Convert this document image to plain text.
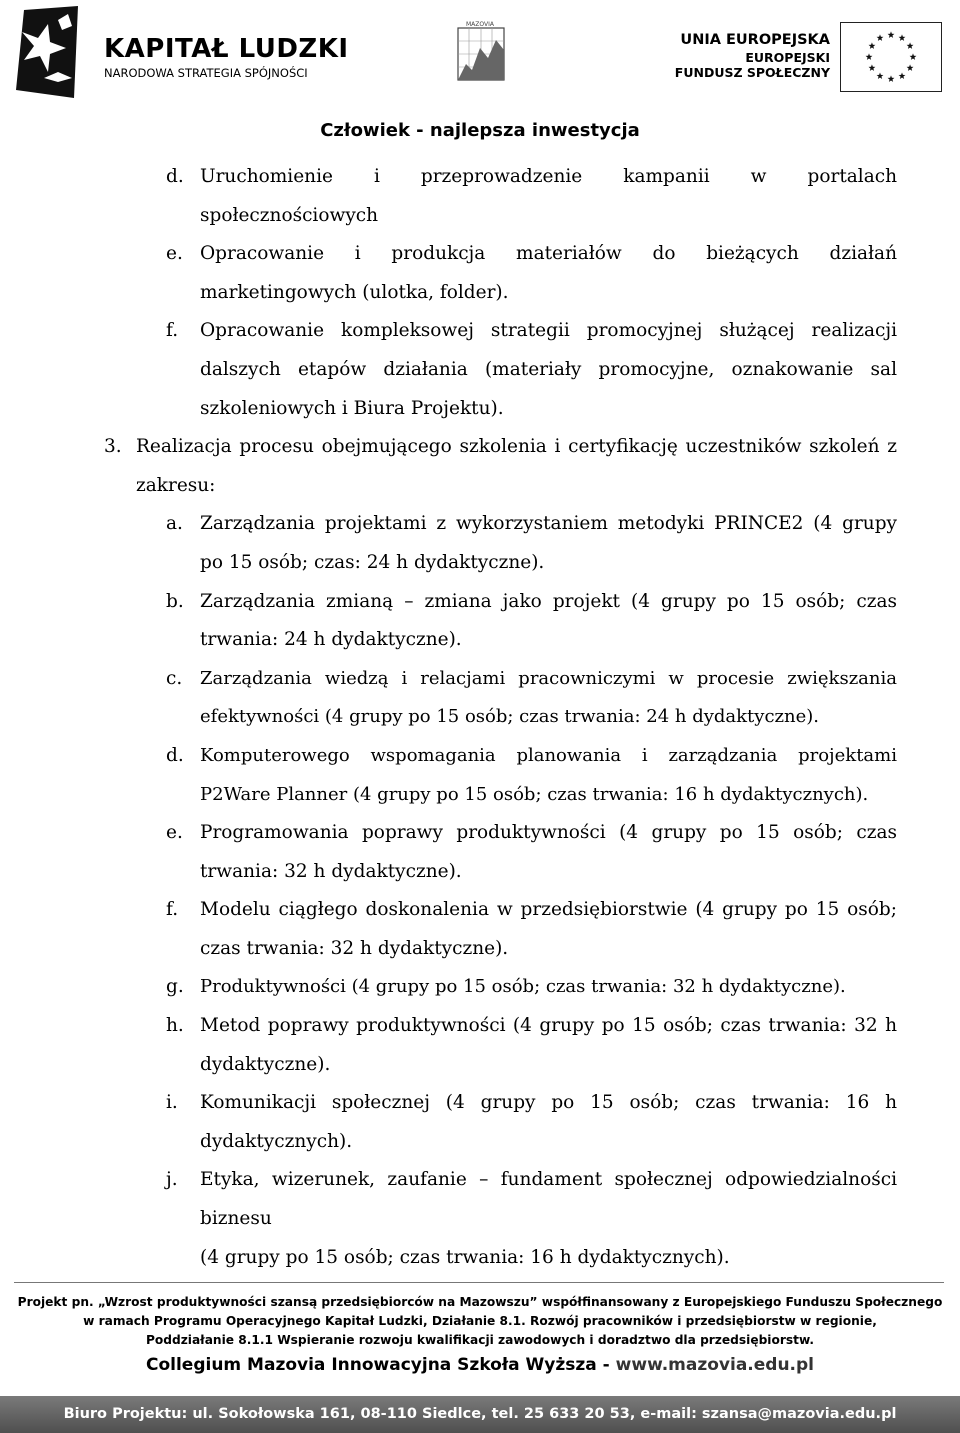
KAPITAŁ LUDZKI
NARODOWA STRATEGIA SPÓJNOŚCI
MAZOVIA
UNIA EUROPEJSKA
EUROPEJSKI
FUNDUSZ SPOŁECZNY
Człowiek - najlepsza inwestycja
d. Uruchomienie i przeprowadzenie kampanii w portalach społecznościowych
e. Opracowanie i produkcja materiałów do bieżących działań marketingowych (ulotka, folder).
f. Opracowanie kompleksowej strategii promocyjnej służącej realizacji dalszych etapów działania (materiały promocyjne, oznakowanie sal szkoleniowych i Biura Projektu).
3. Realizacja procesu obejmującego szkolenia i certyfikację uczestników szkoleń z zakresu:
a. Zarządzania projektami z wykorzystaniem metodyki PRINCE2 (4 grupy po 15 osób; czas: 24 h dydaktyczne).
b. Zarządzania zmianą – zmiana jako projekt (4 grupy po 15 osób; czas trwania: 24 h dydaktyczne).
c. Zarządzania wiedzą i relacjami pracowniczymi w procesie zwiększania efektywności (4 grupy po 15 osób; czas trwania: 24 h dydaktyczne).
d. Komputerowego wspomagania planowania i zarządzania projektami P2Ware Planner (4 grupy po 15 osób; czas trwania: 16 h dydaktycznych).
e. Programowania poprawy produktywności (4 grupy po 15 osób; czas trwania: 32 h dydaktyczne).
f. Modelu ciągłego doskonalenia w przedsiębiorstwie (4 grupy po 15 osób; czas trwania: 32 h dydaktyczne).
g. Produktywności (4 grupy po 15 osób; czas trwania: 32 h dydaktyczne).
h. Metod poprawy produktywności (4 grupy po 15 osób; czas trwania: 32 h dydaktyczne).
i. Komunikacji społecznej (4 grupy po 15 osób; czas trwania: 16 h dydaktycznych).
j. Etyka, wizerunek, zaufanie – fundament społecznej odpowiedzialności biznesu
(4 grupy po 15 osób; czas trwania: 16 h dydaktycznych).
Projekt pn. „Wzrost produktywności szansą przedsiębiorców na Mazowszu” współfinansowany z Europejskiego Funduszu Społecznego
w ramach Programu Operacyjnego Kapitał Ludzki, Działanie 8.1. Rozwój pracowników i przedsiębiorstw w regionie,
Poddziałanie 8.1.1 Wspieranie rozwoju kwalifikacji zawodowych i doradztwo dla przedsiębiorstw.
Collegium Mazovia Innowacyjna Szkoła Wyższa - www.mazovia.edu.pl
Biuro Projektu: ul. Sokołowska 161, 08-110 Siedlce, tel. 25 633 20 53, e-mail: szansa@mazovia.edu.pl
